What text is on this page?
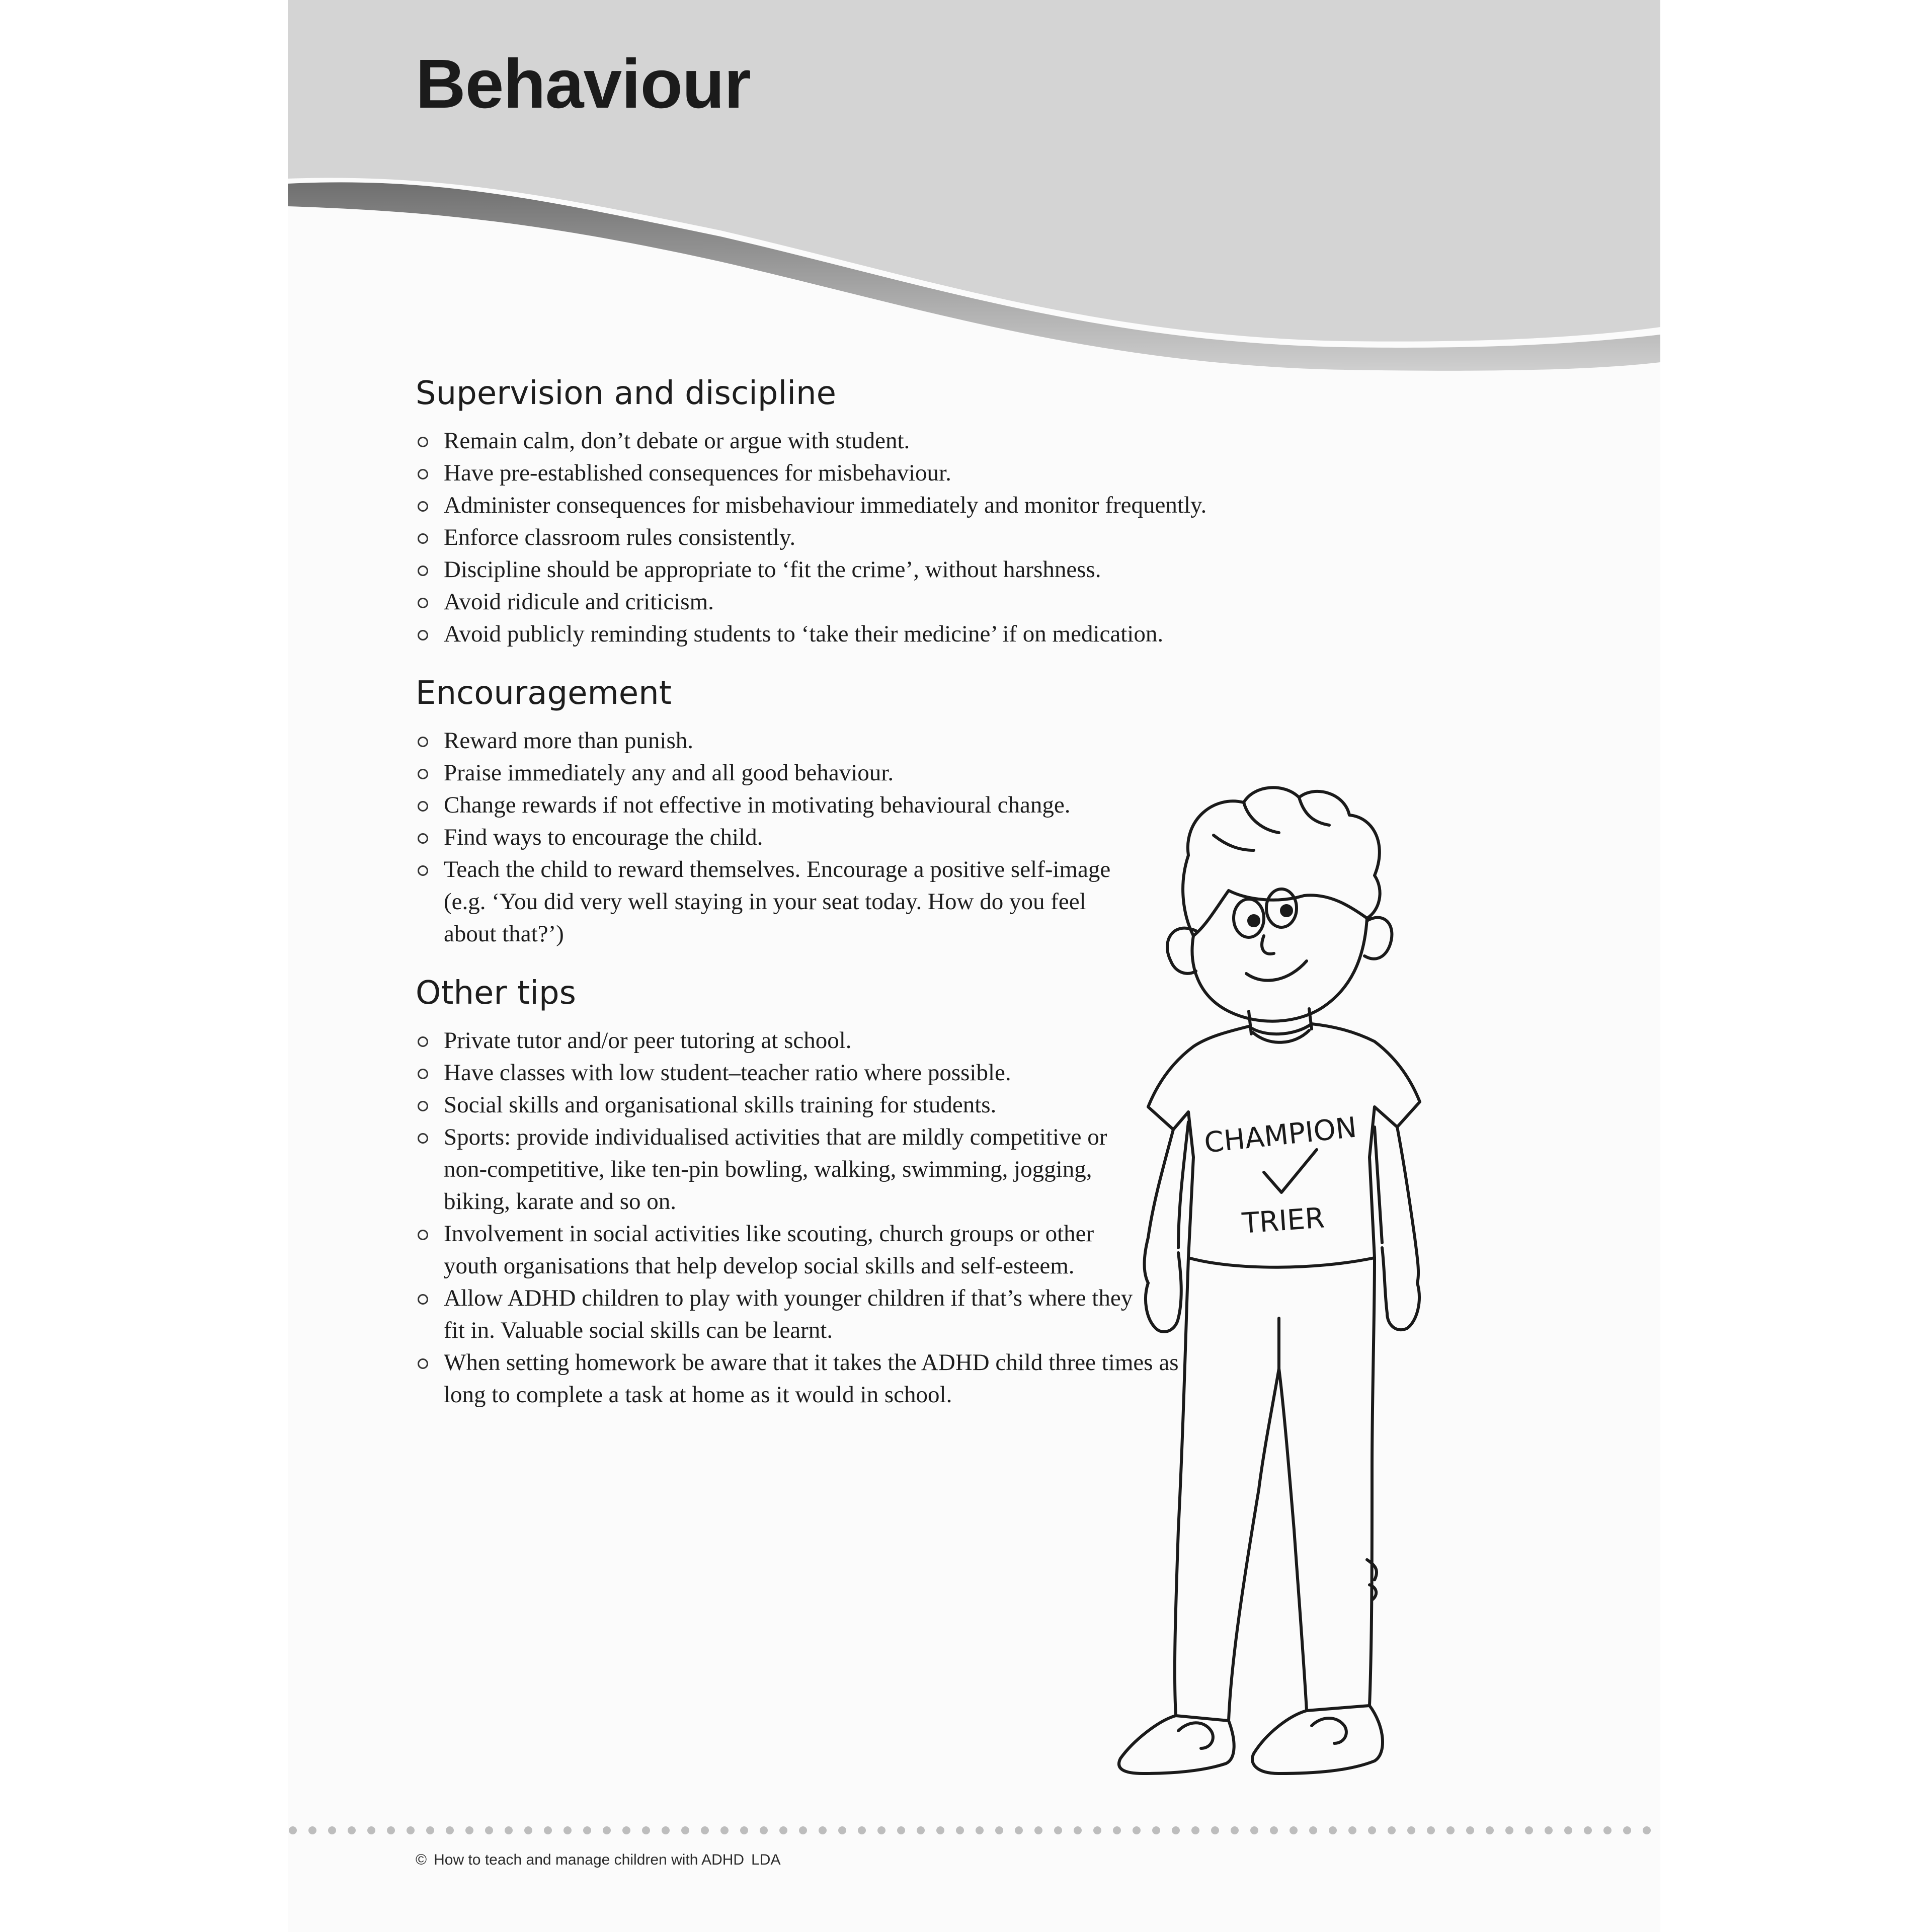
Behaviour
Supervision and discipline
Remain calm, don’t debate or argue with student.
Have pre-established consequences for misbehaviour.
Administer consequences for misbehaviour immediately and monitor frequently.
Enforce classroom rules consistently.
Discipline should be appropriate to ‘fit the crime’, without harshness.
Avoid ridicule and criticism.
Avoid publicly reminding students to ‘take their medicine’ if on medication.
Encouragement
Reward more than punish.
Praise immediately any and all good behaviour.
Change rewards if not effective in motivating behavioural change.
Find ways to encourage the child.
Teach the child to reward themselves. Encourage a positive self-image (e.g. ‘You did very well staying in your seat today. How do you feel about that?’)
Other tips
Private tutor and/or peer tutoring at school.
Have classes with low student–teacher ratio where possible.
Social skills and organisational skills training for students.
Sports: provide individualised activities that are mildly competitive or non-competitive, like ten-pin bowling, walking, swimming, jogging, biking, karate and so on.
Involvement in social activities like scouting, church groups or other youth organisations that help develop social skills and self-esteem.
Allow ADHD children to play with younger children if that’s where they fit in. Valuable social skills can be learnt.
When setting homework be aware that it takes the ADHD child three times as long to complete a task at home as it would in school.
CHAMPION
TRIER

© How to teach and manage children with ADHD LDA
